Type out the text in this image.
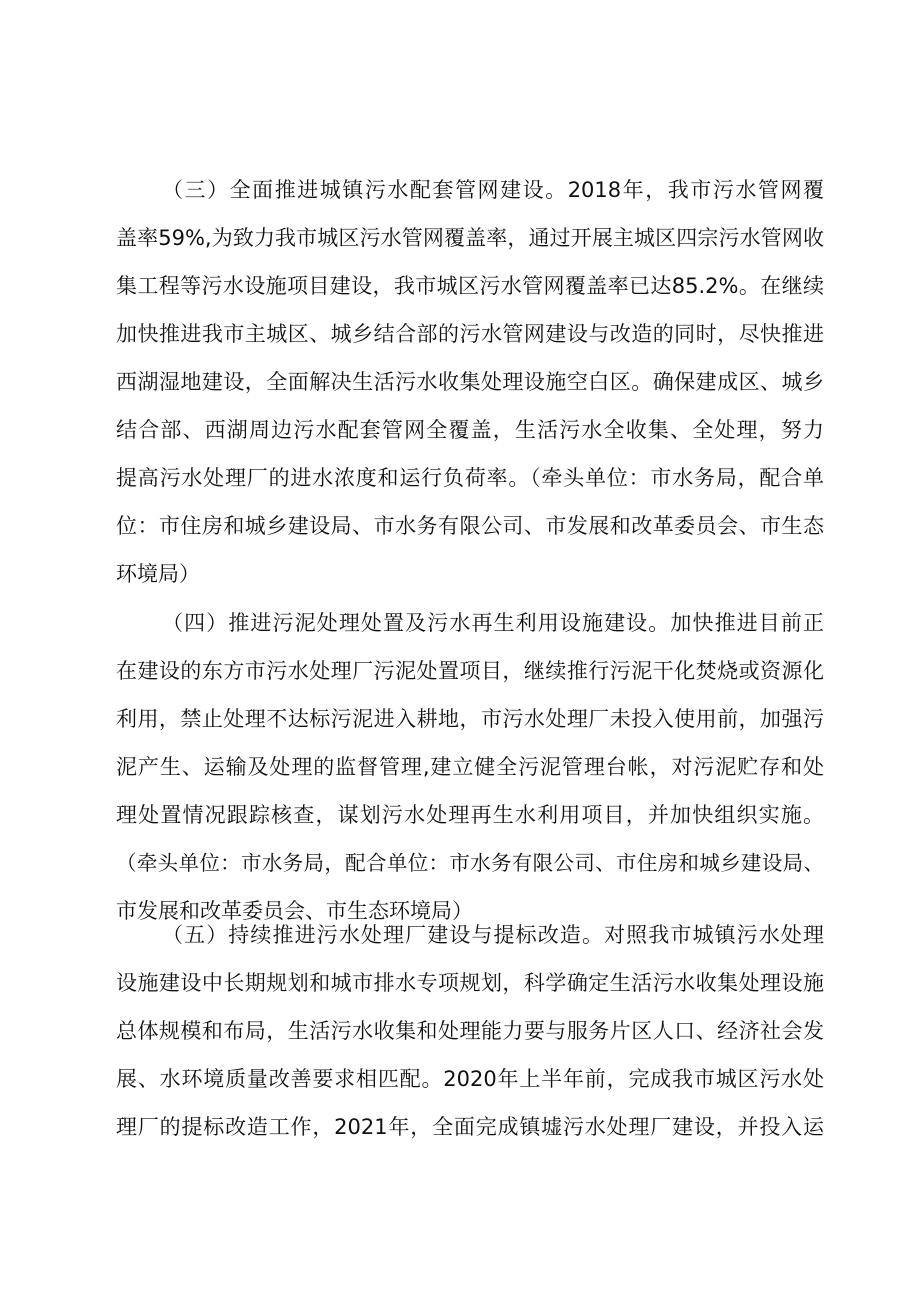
（三）全面推进城镇污水配套管网建设。2018年，我市污水管网覆
盖率59%,为致力我市城区污水管网覆盖率，通过开展主城区四宗污水管网收
集工程等污水设施项目建设，我市城区污水管网覆盖率已达85.2%。在继续
加快推进我市主城区、城乡结合部的污水管网建设与改造的同时，尽快推进
西湖湿地建设，全面解决生活污水收集处理设施空白区。确保建成区、城乡
结合部、西湖周边污水配套管网全覆盖，生活污水全收集、全处理，努力
提高污水处理厂的进水浓度和运行负荷率。（牵头单位：市水务局，配合单
位：市住房和城乡建设局、市水务有限公司、市发展和改革委员会、市生态
环境局）
（四）推进污泥处理处置及污水再生利用设施建设。加快推进目前正
在建设的东方市污水处理厂污泥处置项目，继续推行污泥干化焚烧或资源化
利用，禁止处理不达标污泥进入耕地，市污水处理厂未投入使用前，加强污
泥产生、运输及处理的监督管理,建立健全污泥管理台帐，对污泥贮存和处
理处置情况跟踪核查，谋划污水处理再生水利用项目，并加快组织实施。
（牵头单位：市水务局，配合单位：市水务有限公司、市住房和城乡建设局、
市发展和改革委员会、市生态环境局）
（五）持续推进污水处理厂建设与提标改造。对照我市城镇污水处理
设施建设中长期规划和城市排水专项规划，科学确定生活污水收集处理设施
总体规模和布局，生活污水收集和处理能力要与服务片区人口、经济社会发
展、水环境质量改善要求相匹配。2020年上半年前，完成我市城区污水处
理厂的提标改造工作，2021年，全面完成镇墟污水处理厂建设，并投入运
